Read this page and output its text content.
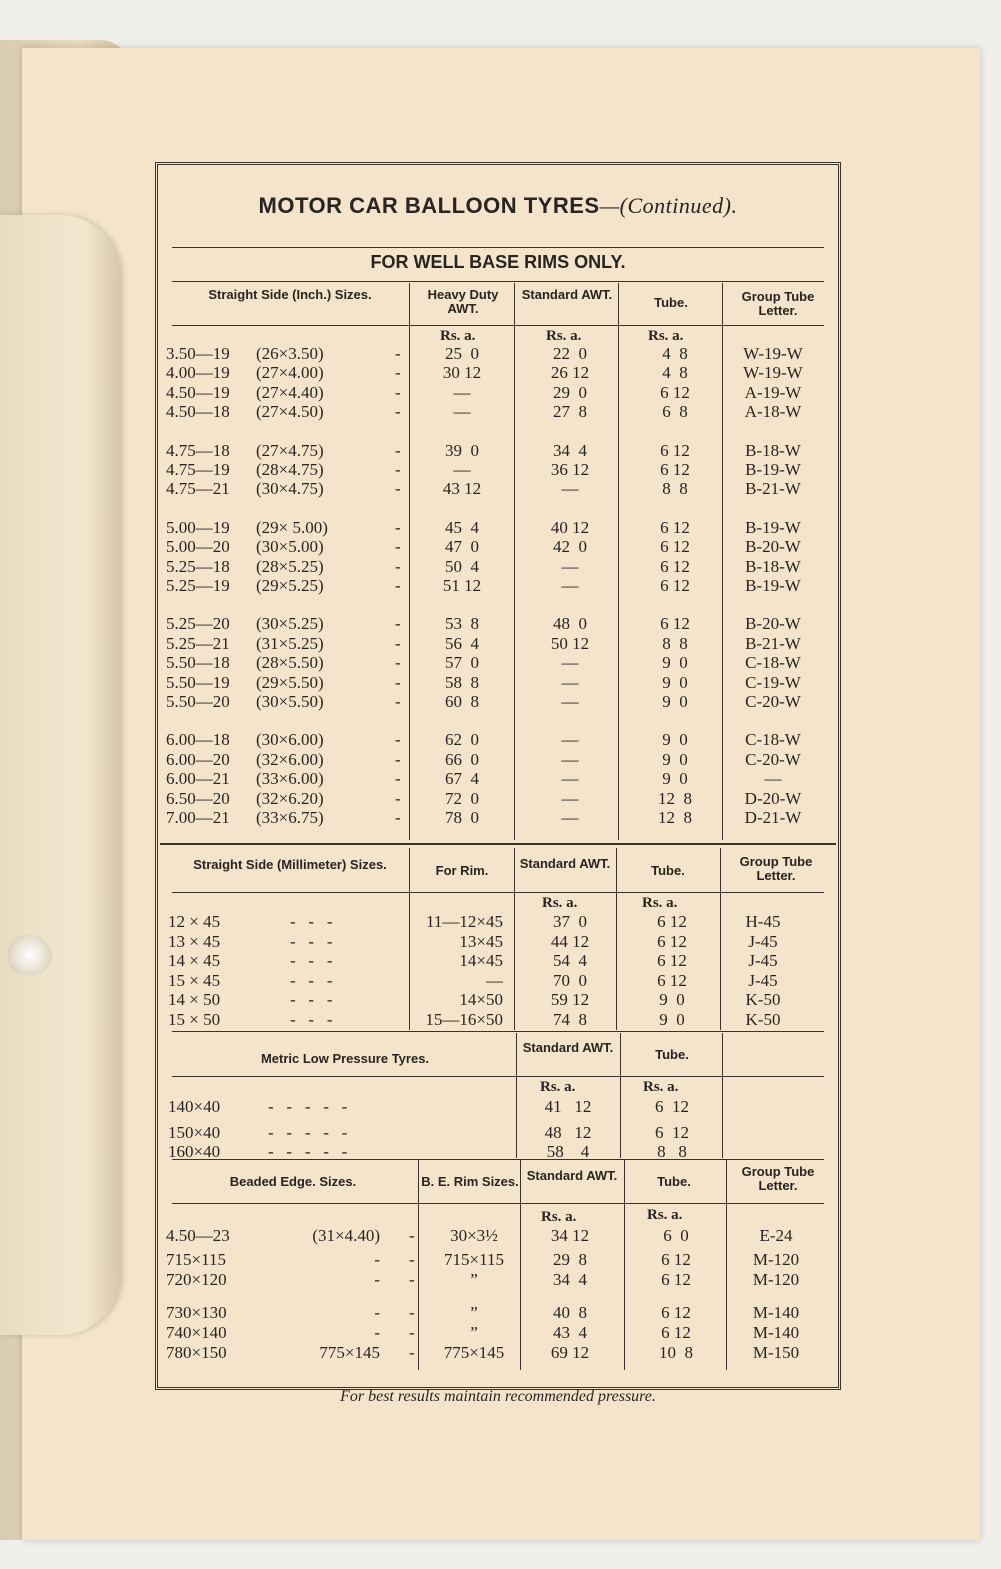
MOTOR CAR BALLOON TYRES—(Continued).
FOR WELL BASE RIMS ONLY.
Straight Side (Inch.) Sizes.	Heavy Duty AWT.
Standard AWT.
Tube.	Group Tube Letter.
Rs. a.	Rs. a.	Rs. a.
3.50—19 (26×3.50)	-	25  0	22  0	4  8	W-19-W
4.00—19 (27×4.00)	-	30 12	26 12	4  8	W-19-W
4.50—19 (27×4.40)	-	—	29  0	6 12	A-19-W
4.50—18 (27×4.50)	-	—	27  8	6  8	A-18-W
4.75—18 (27×4.75)	-	39  0	34  4	6 12	B-18-W
4.75—19 (28×4.75)	-	—	36 12	6 12	B-19-W
4.75—21 (30×4.75)	-	43 12	—	8  8	B-21-W
5.00—19 (29× 5.00)	-	45  4	40 12	6 12	B-19-W
5.00—20 (30×5.00)	-	47  0	42  0	6 12	B-20-W
5.25—18 (28×5.25)	-	50  4	—	6 12	B-18-W
5.25—19 (29×5.25)	-	51 12	—	6 12	B-19-W
5.25—20 (30×5.25)	-	53  8	48  0	6 12	B-20-W
5.25—21 (31×5.25)	-	56  4	50 12	8  8	B-21-W
5.50—18 (28×5.50)	-	57  0	—	9  0	C-18-W
5.50—19 (29×5.50)	-	58  8	—	9  0	C-19-W
5.50—20 (30×5.50)	-	60  8	—	9  0	C-20-W
6.00—18 (30×6.00)	-	62  0	—	9  0	C-18-W
6.00—20 (32×6.00)	-	66  0	—	9  0	C-20-W
6.00—21 (33×6.00)	-	67  4	—	9  0	—
6.50—20 (32×6.20)	-	72  0	—	12  8	D-20-W
7.00—21 (33×6.75)	-	78  0	—	12  8	D-21-W
Straight Side (Millimeter) Sizes.	For Rim.	Standard AWT.	Tube.
Group Tube Letter.
Rs. a.	Rs. a.
12 × 45	-   -   -	11—12×45	37  0	6 12	H-45
13 × 45	-   -   -	13×45	44 12	6 12	J-45
14 × 45	-   -   -	14×45	54  4	6 12	J-45
15 × 45	-   -   -	—	70  0	6 12	J-45
14 × 50	-   -   -	14×50	59 12	9  0	K-50
15 × 50	-   -   -	15—16×50	74  8	9  0	K-50
Metric Low Pressure Tyres.
Standard AWT.	Tube.
Rs. a.	Rs. a.
140×40	-   -   -   -   -	41   12	6  12
150×40	-   -   -   -   -	48   12	6  12
160×40	-   -   -   -   -	58    4	8   8
Beaded Edge. Sizes.	B. E. Rim Sizes. Standard AWT.	Tube.
Group Tube Letter.
Rs. a.	Rs. a.
4.50—23	(31×4.40) -	30×3½	34 12	6  0	E-24
715×115	- -	715×115	29  8	6 12	M-120
720×120	- -	”	34  4	6 12	M-120
730×130	- -	”	40  8	6 12	M-140
740×140	- -	”	43  4	6 12	M-140
780×150	775×145 -	775×145	69 12	10  8	M-150
For best results maintain recommended pressure.
